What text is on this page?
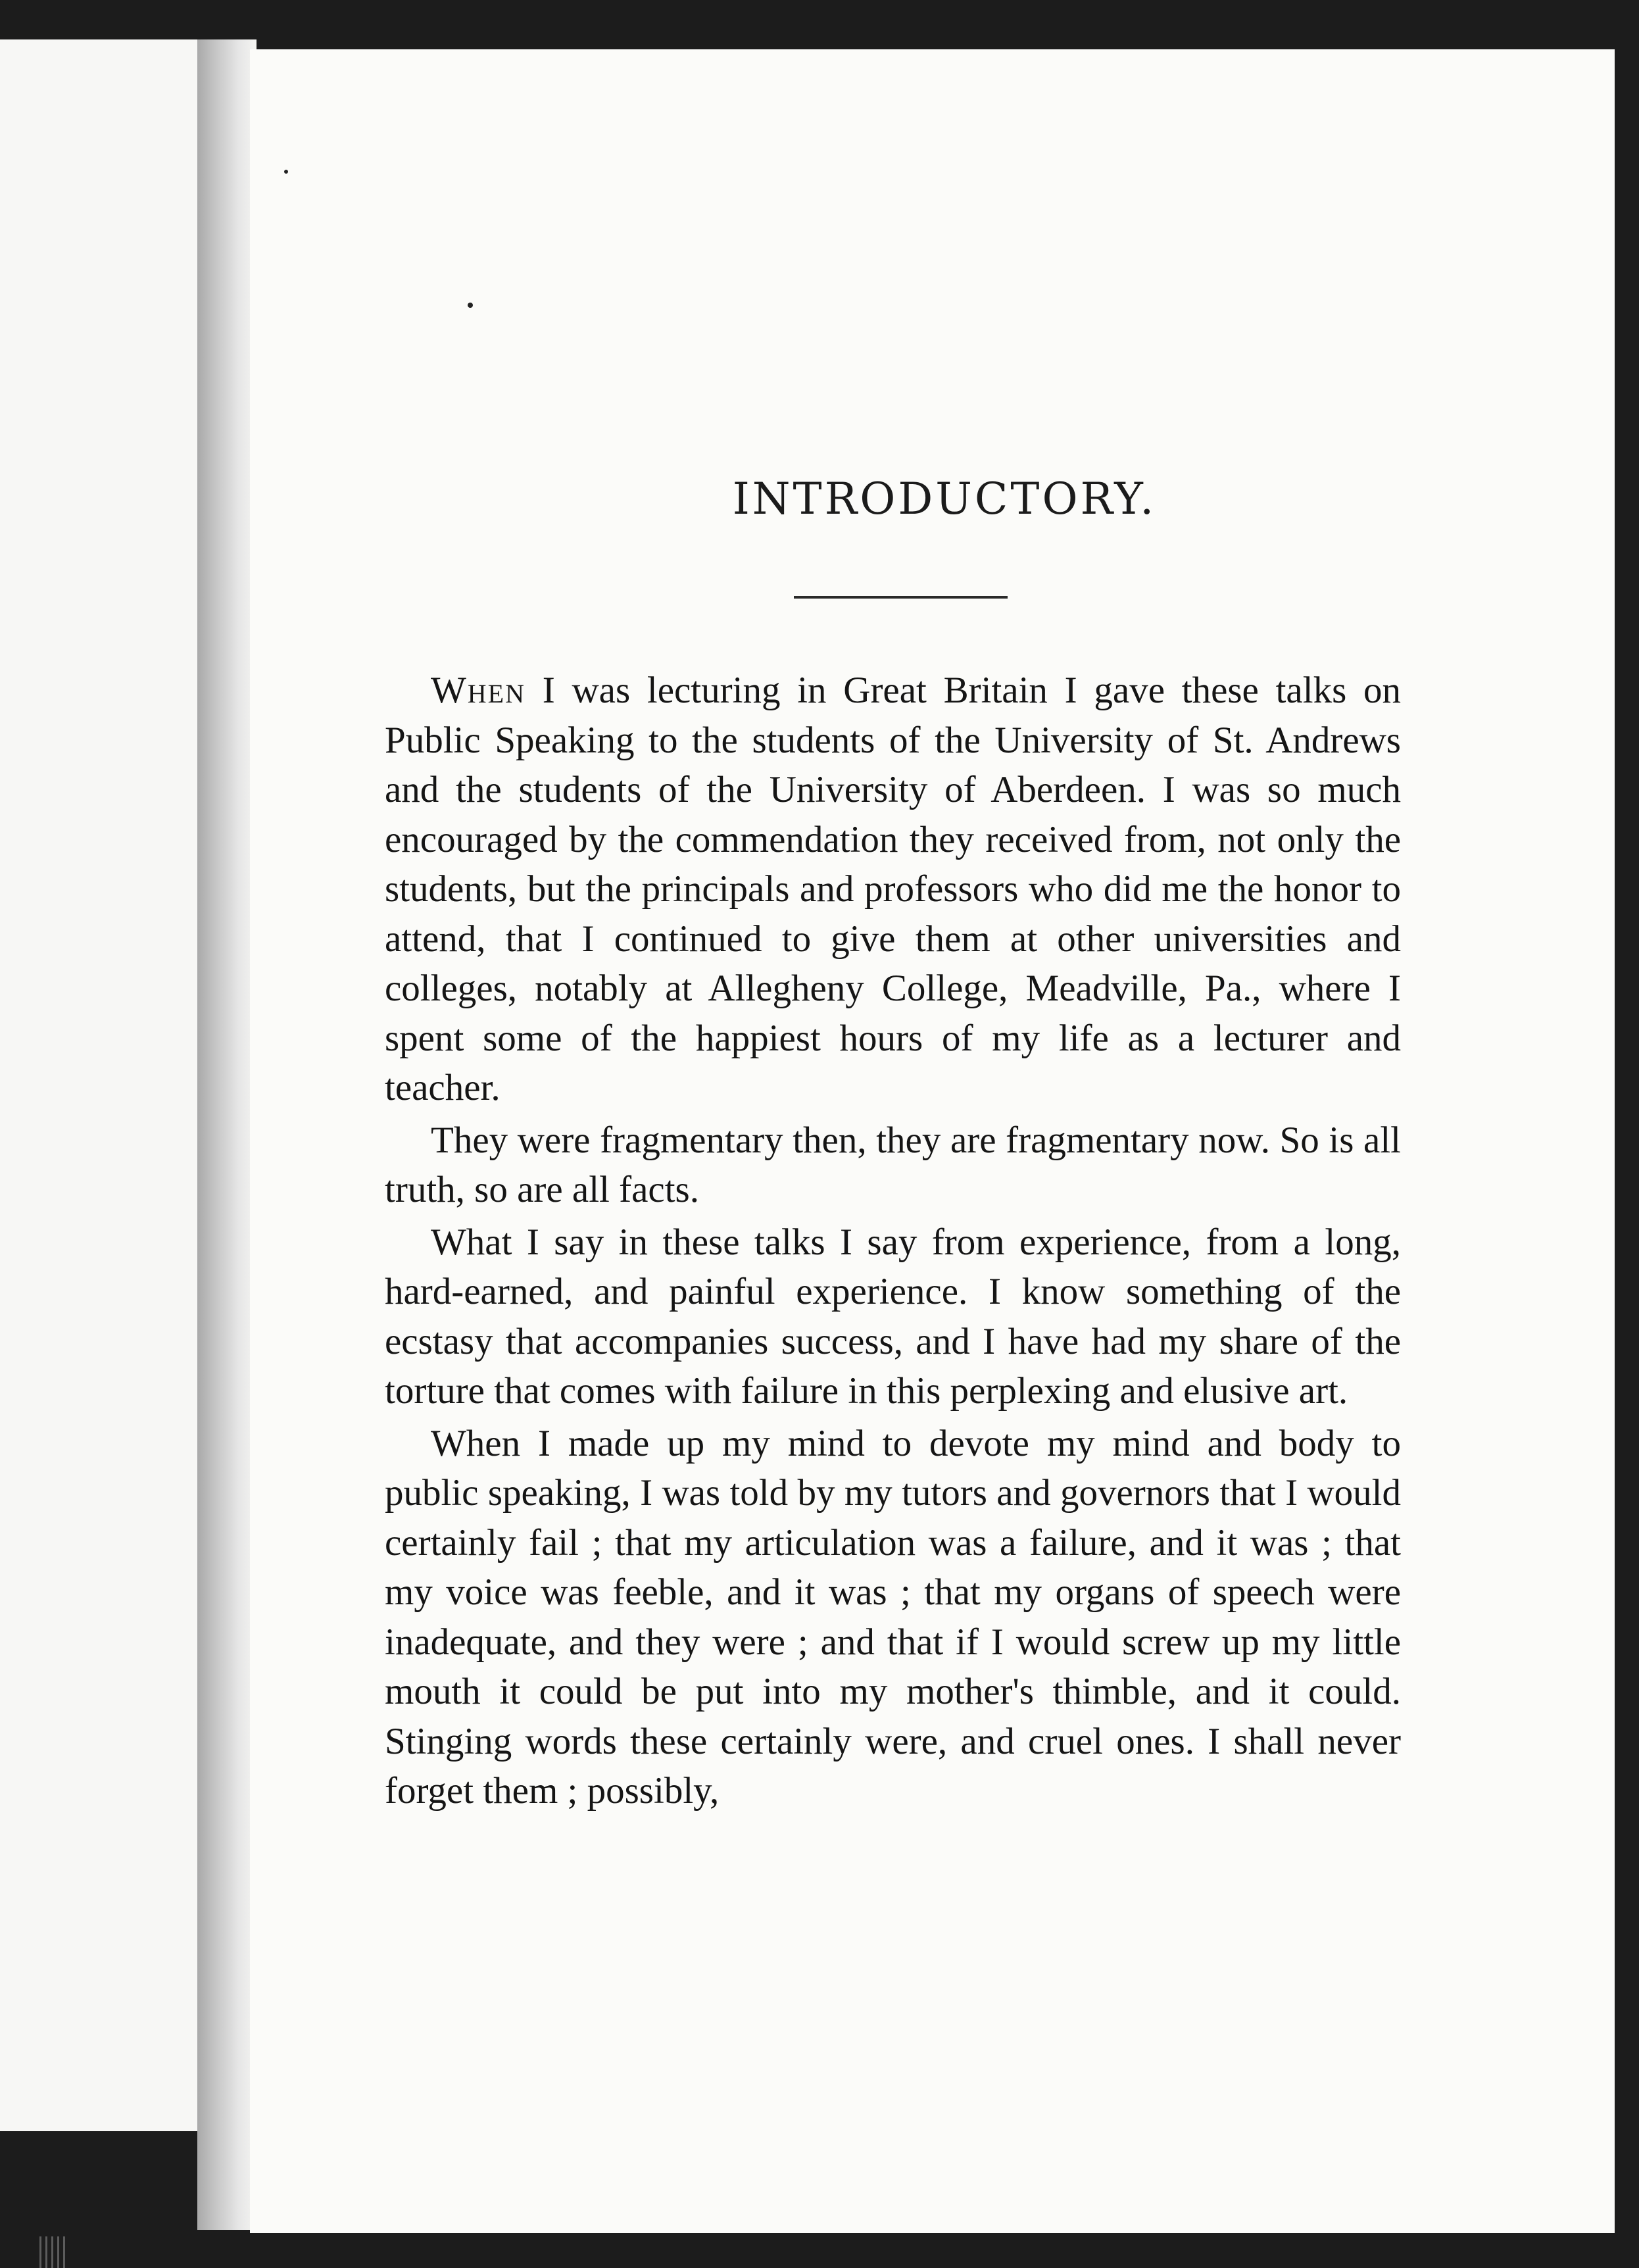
INTRODUCTORY.

When I was lecturing in Great Britain I gave these talks on Public Speaking to the students of the University of St. Andrews and the students of the University of Aberdeen. I was so much encouraged by the commendation they received from, not only the students, but the principals and professors who did me the honor to attend, that I continued to give them at other universities and colleges, notably at Allegheny College, Meadville, Pa., where I spent some of the happiest hours of my life as a lecturer and teacher.

They were fragmentary then, they are fragmentary now. So is all truth, so are all facts.

What I say in these talks I say from experience, from a long, hard-earned, and painful experience. I know something of the ecstasy that accompanies success, and I have had my share of the torture that comes with failure in this perplexing and elusive art.

When I made up my mind to devote my mind and body to public speaking, I was told by my tutors and governors that I would certainly fail ; that my articulation was a failure, and it was ; that my voice was feeble, and it was ; that my organs of speech were inadequate, and they were ; and that if I would screw up my little mouth it could be put into my mother's thimble, and it could. Stinging words these certainly were, and cruel ones. I shall never forget them ; possibly,
